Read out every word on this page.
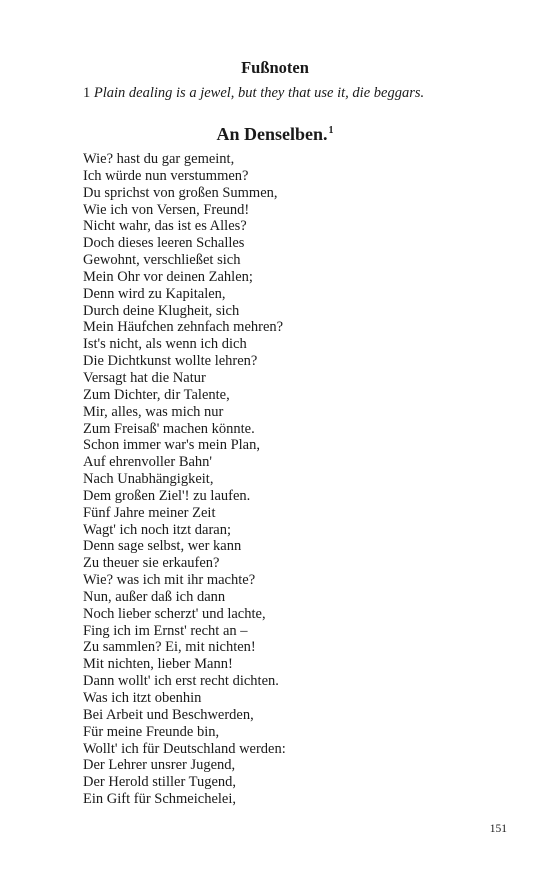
Fußnoten

1 Plain dealing is a jewel, but they that use it, die beggars.

An Denselben.$^1$
Wie? hast du gar gemeint,
Ich würde nun verstummen?
Du sprichst von großen Summen,
Wie ich von Versen, Freund!
Nicht wahr, das ist es Alles?
Doch dieses leeren Schalles
Gewohnt, verschließet sich
Mein Ohr vor deinen Zahlen;
Denn wird zu Kapitalen,
Durch deine Klugheit, sich
Mein Häufchen zehnfach mehren?
Ist's nicht, als wenn ich dich
Die Dichtkunst wollte lehren?
Versagt hat die Natur
Zum Dichter, dir Talente,
Mir, alles, was mich nur
Zum Freisaß' machen könnte.
Schon immer war's mein Plan,
Auf ehrenvoller Bahn'
Nach Unabhängigkeit,
Dem großen Ziel'! zu laufen.
Fünf Jahre meiner Zeit
Wagt' ich noch itzt daran;
Denn sage selbst, wer kann
Zu theuer sie erkaufen?
Wie? was ich mit ihr machte?
Nun, außer daß ich dann
Noch lieber scherzt' und lachte,
Fing ich im Ernst' recht an –
Zu sammlen? Ei, mit nichten!
Mit nichten, lieber Mann!
Dann wollt' ich erst recht dichten.
Was ich itzt obenhin
Bei Arbeit und Beschwerden,
Für meine Freunde bin,
Wollt' ich für Deutschland werden:
Der Lehrer unsrer Jugend,
Der Herold stiller Tugend,
Ein Gift für Schmeichelei,

151
